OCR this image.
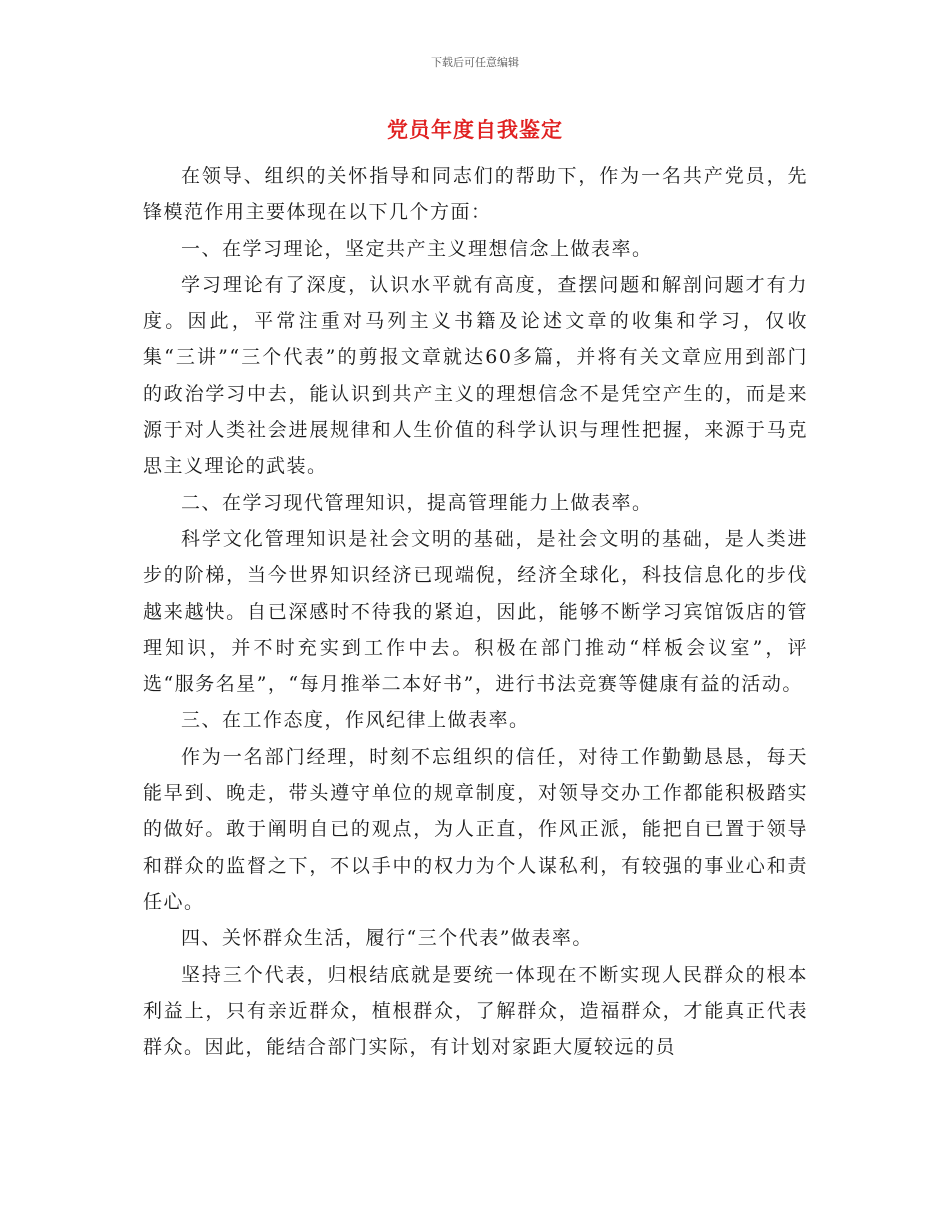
下载后可任意编辑
党员年度自我鉴定

在领导、组织的关怀指导和同志们的帮助下，作为一名共产党员，先锋模范作用主要体现在以下几个方面：

一、在学习理论，坚定共产主义理想信念上做表率。

学习理论有了深度，认识水平就有高度，查摆问题和解剖问题才有力度。因此，平常注重对马列主义书籍及论述文章的收集和学习，仅收集“三讲”“三个代表”的剪报文章就达60多篇，并将有关文章应用到部门的政治学习中去，能认识到共产主义的理想信念不是凭空产生的，而是来源于对人类社会进展规律和人生价值的科学认识与理性把握，来源于马克思主义理论的武装。

二、在学习现代管理知识，提高管理能力上做表率。

科学文化管理知识是社会文明的基础，是社会文明的基础，是人类进步的阶梯，当今世界知识经济已现端倪，经济全球化，科技信息化的步伐越来越快。自已深感时不待我的紧迫，因此，能够不断学习宾馆饭店的管理知识，并不时充实到工作中去。积极在部门推动“样板会议室”，评选“服务名星”，“每月推举二本好书”，进行书法竞赛等健康有益的活动。

三、在工作态度，作风纪律上做表率。

作为一名部门经理，时刻不忘组织的信任，对待工作勤勤恳恳，每天能早到、晚走，带头遵守单位的规章制度，对领导交办工作都能积极踏实的做好。敢于阐明自已的观点，为人正直，作风正派，能把自已置于领导和群众的监督之下，不以手中的权力为个人谋私利，有较强的事业心和责任心。

四、关怀群众生活，履行“三个代表”做表率。

坚持三个代表，归根结底就是要统一体现在不断实现人民群众的根本利益上，只有亲近群众，植根群众，了解群众，造福群众，才能真正代表群众。因此，能结合部门实际，有计划对家距大厦较远的员
